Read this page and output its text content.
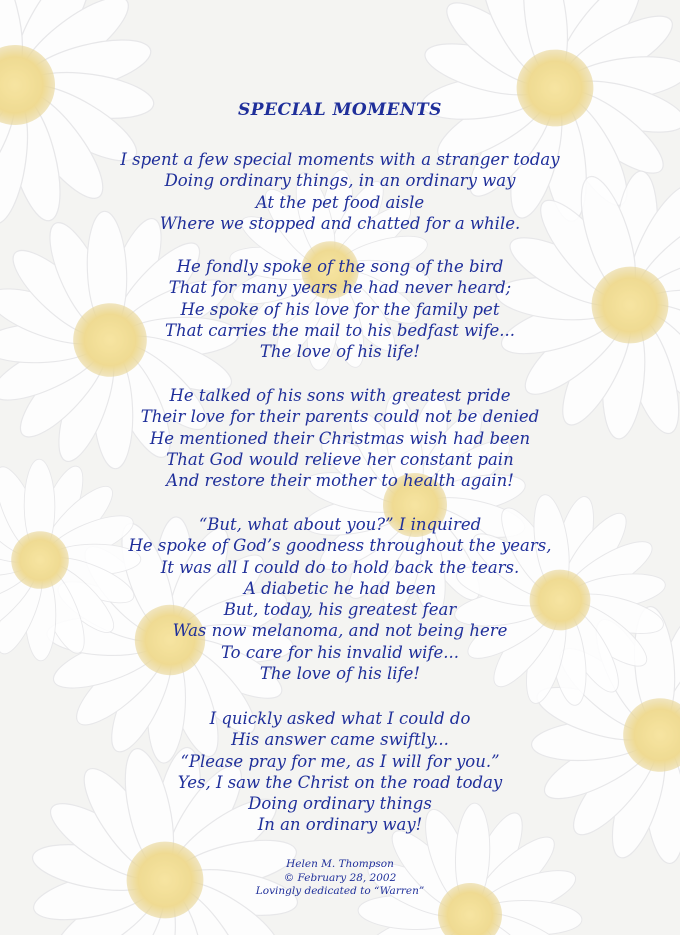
SPECIAL MOMENTS
I spent a few special moments with a stranger today
Doing ordinary things, in an ordinary way
At the pet food aisle
Where we stopped and chatted for a while.
He fondly spoke of the song of the bird
That for many years he had never heard;
He spoke of his love for the family pet
That carries the mail to his bedfast wife...
The love of his life!
He talked of his sons with greatest pride
Their love for their parents could not be denied
He mentioned their Christmas wish had been
That God would relieve her constant pain
And restore their mother to health again!
“But, what about you?” I inquired
He spoke of God’s goodness throughout the years,
It was all I could do to hold back the tears.
A diabetic he had been
But, today, his greatest fear
Was now melanoma, and not being here
To care for his invalid wife...
The love of his life!
I quickly asked what I could do
His answer came swiftly...
“Please pray for me, as I will for you.”
Yes, I saw the Christ on the road today
Doing ordinary things
In an ordinary way!
Helen M. Thompson
© February 28, 2002
Lovingly dedicated to “Warren”
